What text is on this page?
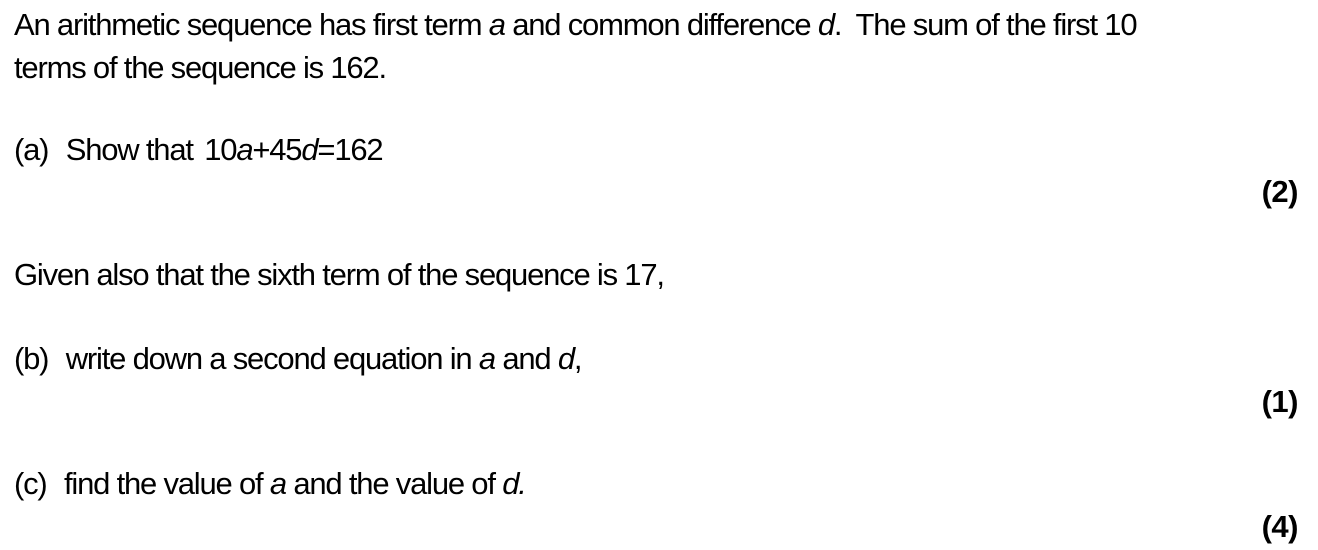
An arithmetic sequence has first term a and common difference d.  The sum of the first 10
terms of the sequence is 162.
(a) Show that 10a+45d=162
(2)
Given also that the sixth term of the sequence is 17,
(b) write down a second equation in a and d,
(1)
(c) find the value of a and the value of d.
(4)
